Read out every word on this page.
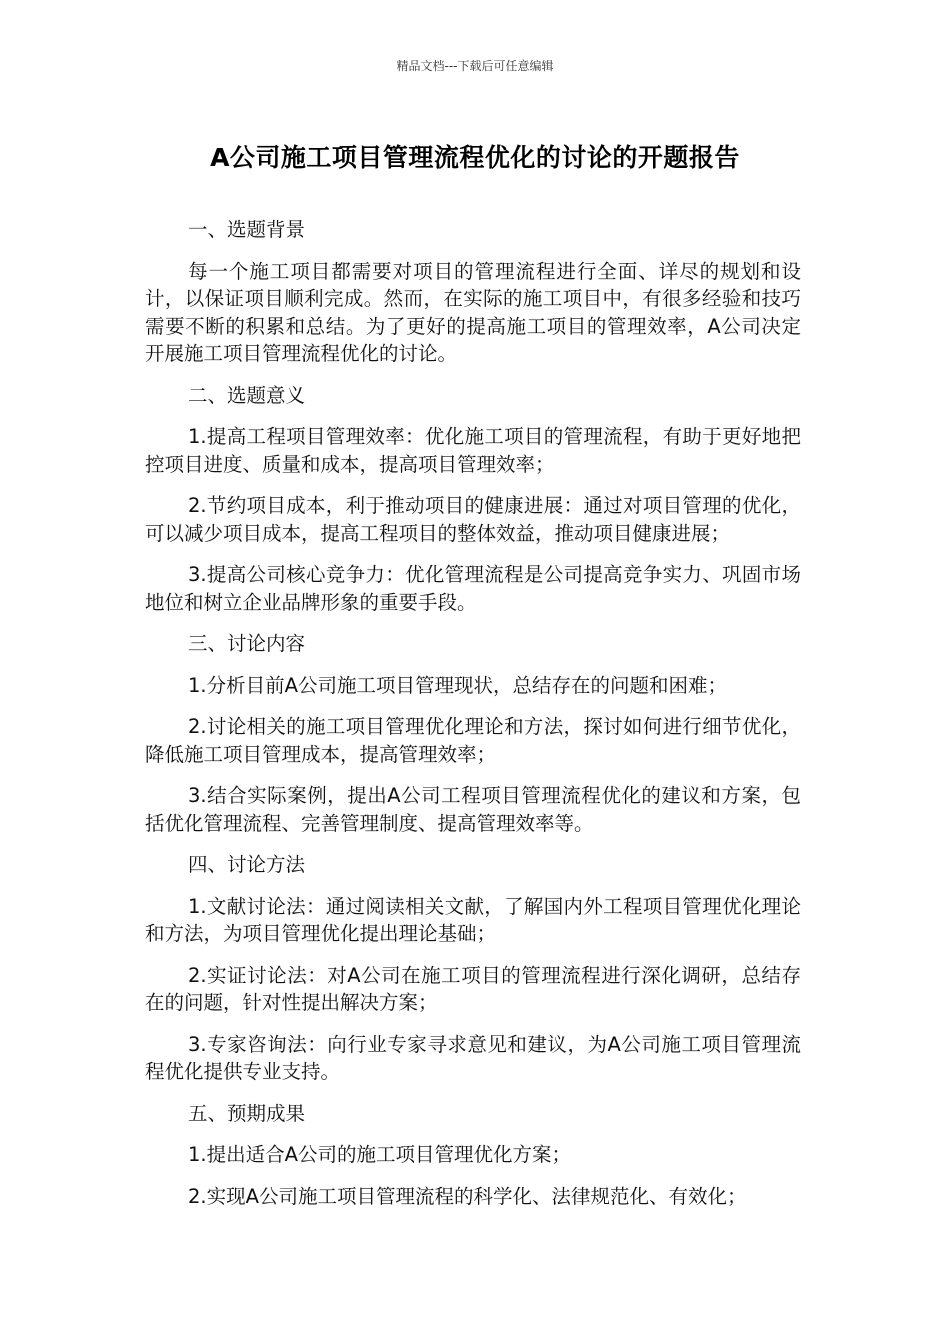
精品文档---下载后可任意编辑
A公司施工项目管理流程优化的讨论的开题报告
一、选题背景

每一个施工项目都需要对项目的管理流程进行全面、详尽的规划和设计，以保证项目顺利完成。然而，在实际的施工项目中，有很多经验和技巧需要不断的积累和总结。为了更好的提高施工项目的管理效率，A公司决定开展施工项目管理流程优化的讨论。

二、选题意义

1.提高工程项目管理效率：优化施工项目的管理流程，有助于更好地把控项目进度、质量和成本，提高项目管理效率；

2.节约项目成本，利于推动项目的健康进展：通过对项目管理的优化，可以减少项目成本，提高工程项目的整体效益，推动项目健康进展；

3.提高公司核心竞争力：优化管理流程是公司提高竞争实力、巩固市场地位和树立企业品牌形象的重要手段。

三、讨论内容

1.分析目前A公司施工项目管理现状，总结存在的问题和困难；

2.讨论相关的施工项目管理优化理论和方法，探讨如何进行细节优化，降低施工项目管理成本，提高管理效率；

3.结合实际案例，提出A公司工程项目管理流程优化的建议和方案，包括优化管理流程、完善管理制度、提高管理效率等。

四、讨论方法

1.文献讨论法：通过阅读相关文献，了解国内外工程项目管理优化理论和方法，为项目管理优化提出理论基础；

2.实证讨论法：对A公司在施工项目的管理流程进行深化调研，总结存在的问题，针对性提出解决方案；

3.专家咨询法：向行业专家寻求意见和建议，为A公司施工项目管理流程优化提供专业支持。

五、预期成果

1.提出适合A公司的施工项目管理优化方案；

2.实现A公司施工项目管理流程的科学化、法律规范化、有效化；
